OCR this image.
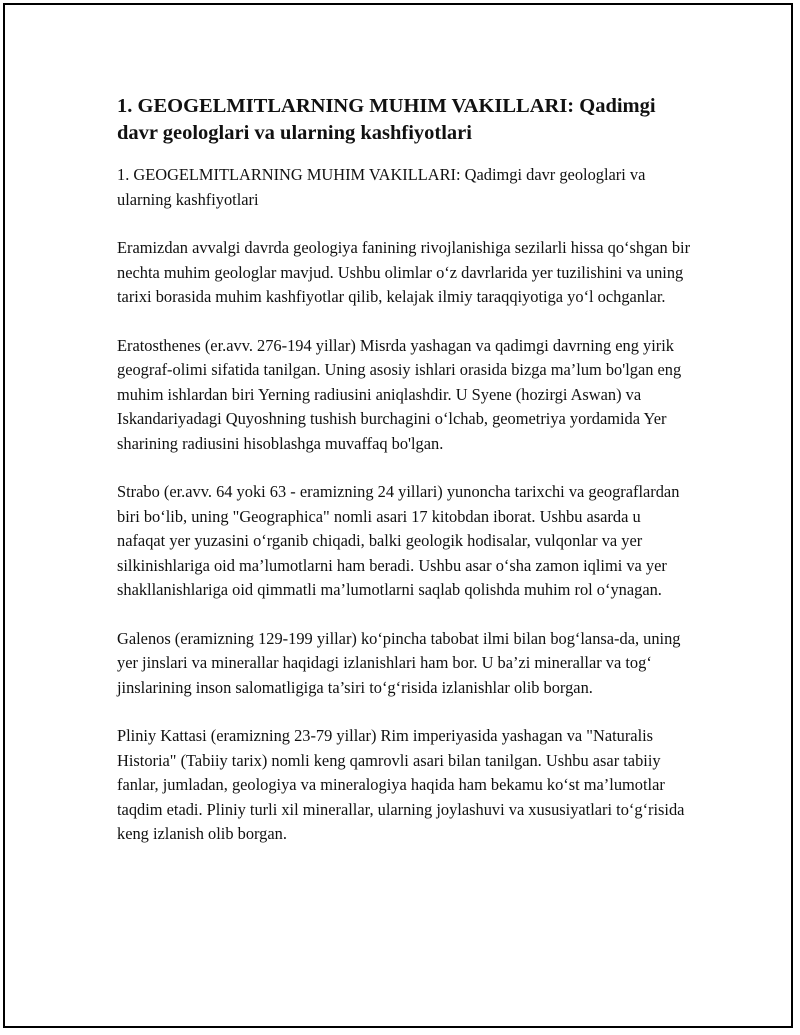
1. GEOGELMITLARNING MUHIM VAKILLARI: Qadimgi davr geologlari va ularning kashfiyotlari

1. GEOGELMITLARNING MUHIM VAKILLARI: Qadimgi davr geologlari va ularning kashfiyotlari

Eramizdan avvalgi davrda geologiya fanining rivojlanishiga sezilarli hissa qo‘shgan bir nechta muhim geologlar mavjud. Ushbu olimlar o‘z davrlarida yer tuzilishini va uning tarixi borasida muhim kashfiyotlar qilib, kelajak ilmiy taraqqiyotiga yo‘l ochganlar.

Eratosthenes (er.avv. 276-194 yillar) Misrda yashagan va qadimgi davrning eng yirik geograf-olimi sifatida tanilgan. Uning asosiy ishlari orasida bizga ma’lum bo'lgan eng muhim ishlardan biri Yerning radiusini aniqlashdir. U Syene (hozirgi Aswan) va Iskandariyadagi Quyoshning tushish burchagini o‘lchab, geometriya yordamida Yer sharining radiusini hisoblashga muvaffaq bo'lgan.

Strabo (er.avv. 64 yoki 63 - eramizning 24 yillari) yunoncha tarixchi va geograflardan biri bo‘lib, uning "Geographica" nomli asari 17 kitobdan iborat. Ushbu asarda u nafaqat yer yuzasini o‘rganib chiqadi, balki geologik hodisalar, vulqonlar va yer silkinishlariga oid ma’lumotlarni ham beradi. Ushbu asar o‘sha zamon iqlimi va yer shakllanishlariga oid qimmatli ma’lumotlarni saqlab qolishda muhim rol o‘ynagan.

Galenos (eramizning 129-199 yillar) ko‘pincha tabobat ilmi bilan bog‘lansa-da, uning yer jinslari va minerallar haqidagi izlanishlari ham bor. U ba’zi minerallar va tog‘ jinslarining inson salomatligiga ta’siri to‘g‘risida izlanishlar olib borgan.

Pliniy Kattasi (eramizning 23-79 yillar) Rim imperiyasida yashagan va "Naturalis Historia" (Tabiiy tarix) nomli keng qamrovli asari bilan tanilgan. Ushbu asar tabiiy fanlar, jumladan, geologiya va mineralogiya haqida ham bekamu ko‘st ma’lumotlar taqdim etadi. Pliniy turli xil minerallar, ularning joylashuvi va xususiyatlari to‘g‘risida keng izlanish olib borgan.
